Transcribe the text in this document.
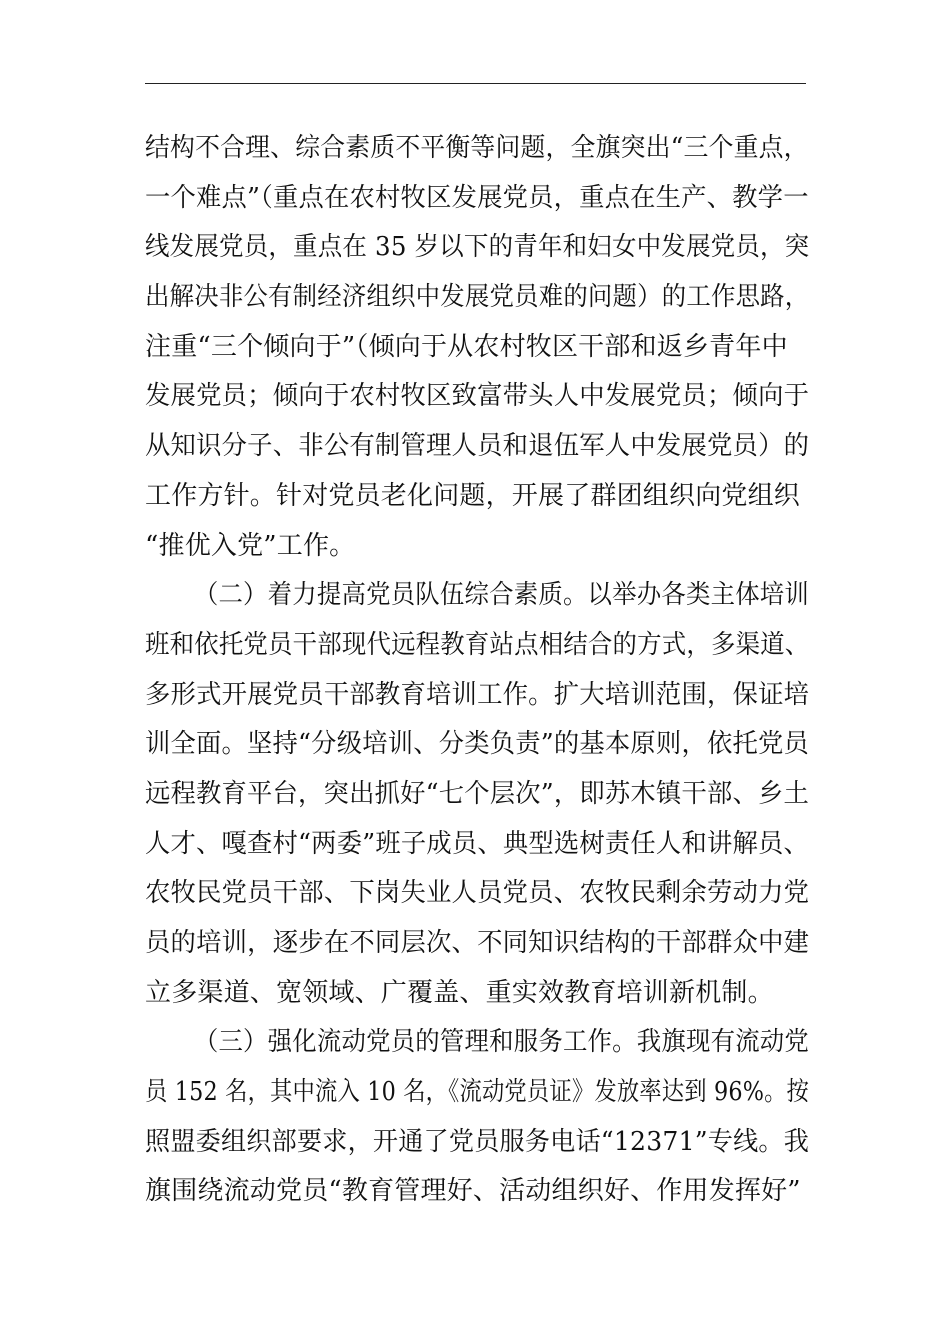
结构不合理、综合素质不平衡等问题，全旗突出“三个重点，
一个难点”（重点在农村牧区发展党员，重点在生产、教学一
线发展党员，重点在 35 岁以下的青年和妇女中发展党员，突
出解决非公有制经济组织中发展党员难的问题）的工作思路，
注重“三个倾向于”（倾向于从农村牧区干部和返乡青年中
发展党员；倾向于农村牧区致富带头人中发展党员；倾向于
从知识分子、非公有制管理人员和退伍军人中发展党员）的
工作方针。针对党员老化问题，开展了群团组织向党组织
“推优入党”工作。
（二）着力提高党员队伍综合素质。以举办各类主体培训
班和依托党员干部现代远程教育站点相结合的方式，多渠道、
多形式开展党员干部教育培训工作。扩大培训范围，保证培
训全面。坚持“分级培训、分类负责”的基本原则，依托党员
远程教育平台，突出抓好“七个层次”，即苏木镇干部、乡土
人才、嘎查村“两委”班子成员、典型选树责任人和讲解员、
农牧民党员干部、下岗失业人员党员、农牧民剩余劳动力党
员的培训，逐步在不同层次、不同知识结构的干部群众中建
立多渠道、宽领域、广覆盖、重实效教育培训新机制。
（三）强化流动党员的管理和服务工作。我旗现有流动党
员 152 名，其中流入 10 名，《流动党员证》发放率达到 96%。按
照盟委组织部要求，开通了党员服务电话“12371”专线。我
旗围绕流动党员“教育管理好、活动组织好、作用发挥好”
